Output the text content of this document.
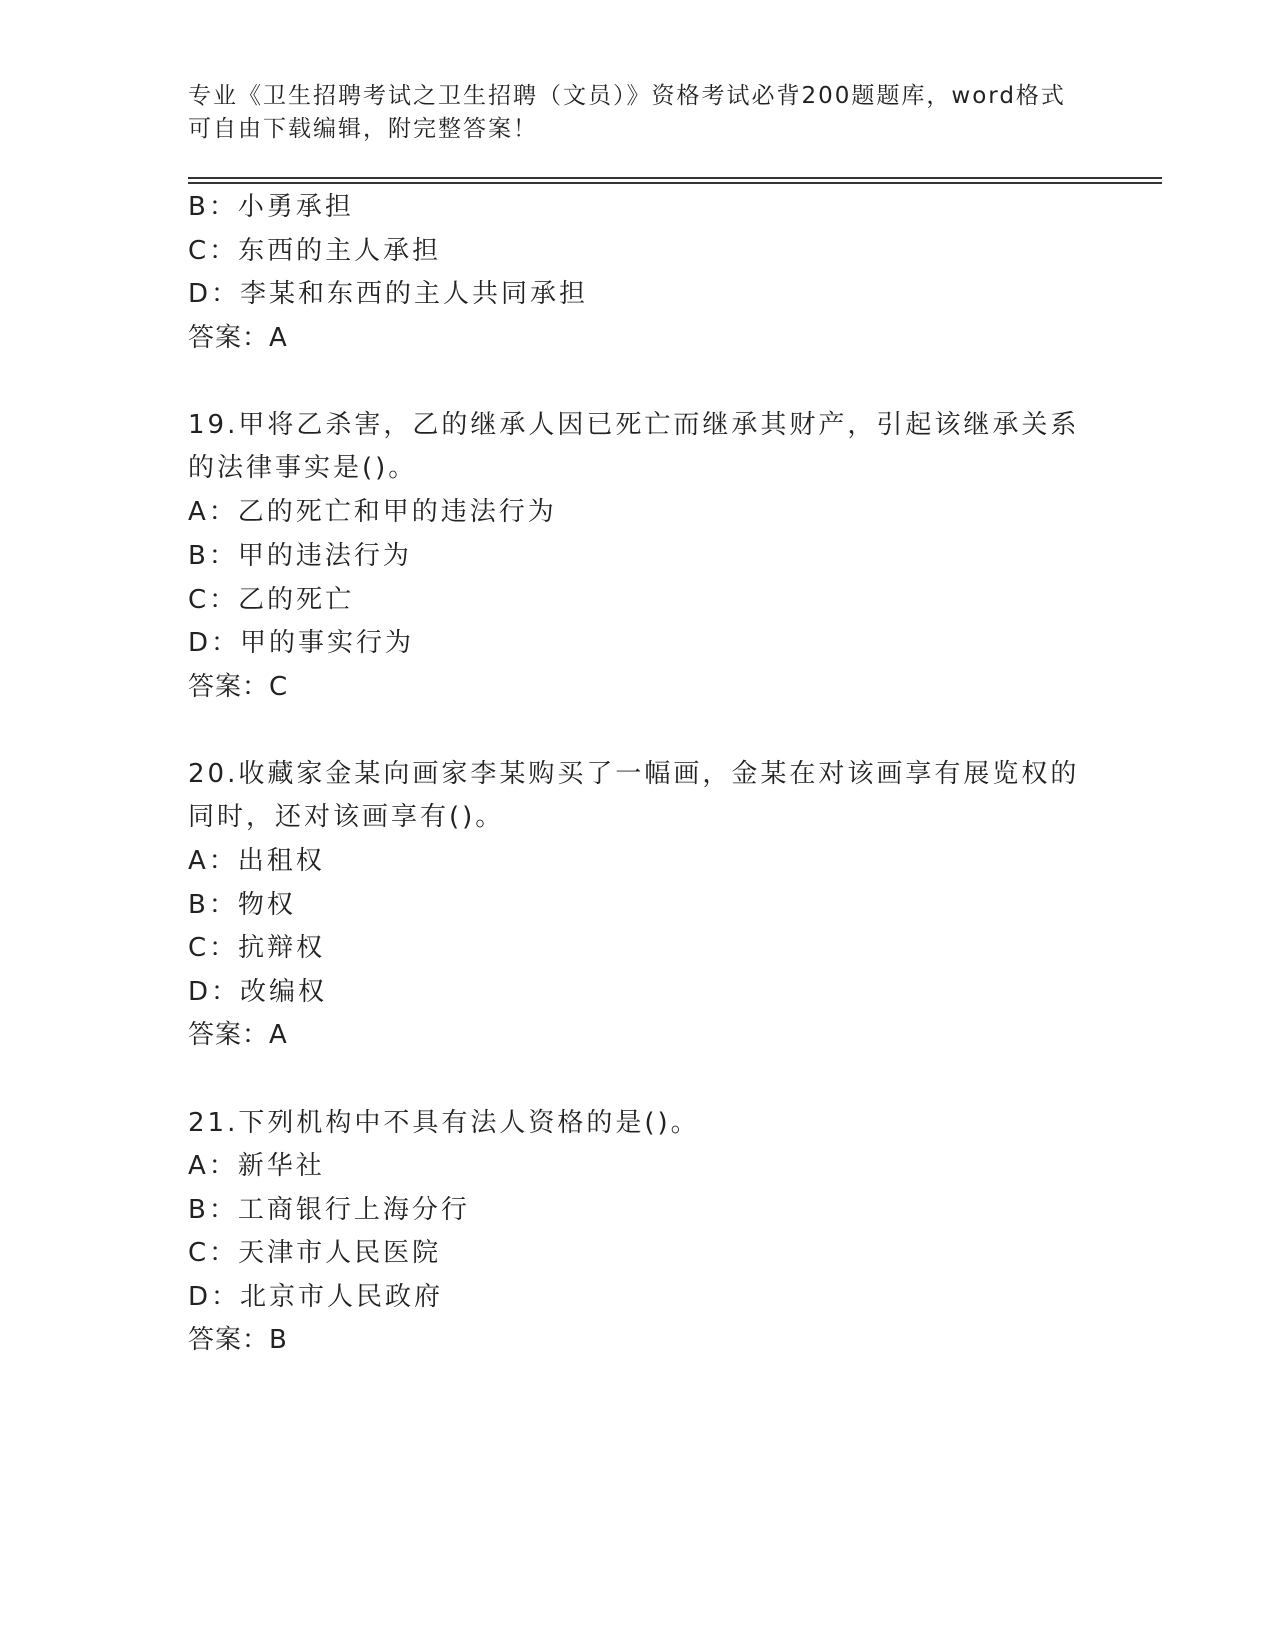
专业《卫生招聘考试之卫生招聘（文员）》资格考试必背200题题库，word格式
可自由下载编辑，附完整答案！
B：小勇承担
C：东西的主人承担
D：李某和东西的主人共同承担
答案：A
19.甲将乙杀害，乙的继承人因已死亡而继承其财产，引起该继承关系
的法律事实是()。
A：乙的死亡和甲的违法行为
B：甲的违法行为
C：乙的死亡
D：甲的事实行为
答案：C
20.收藏家金某向画家李某购买了一幅画，金某在对该画享有展览权的
同时，还对该画享有()。
A：出租权
B：物权
C：抗辩权
D：改编权
答案：A
21.下列机构中不具有法人资格的是()。
A：新华社
B：工商银行上海分行
C：天津市人民医院
D：北京市人民政府
答案：B
